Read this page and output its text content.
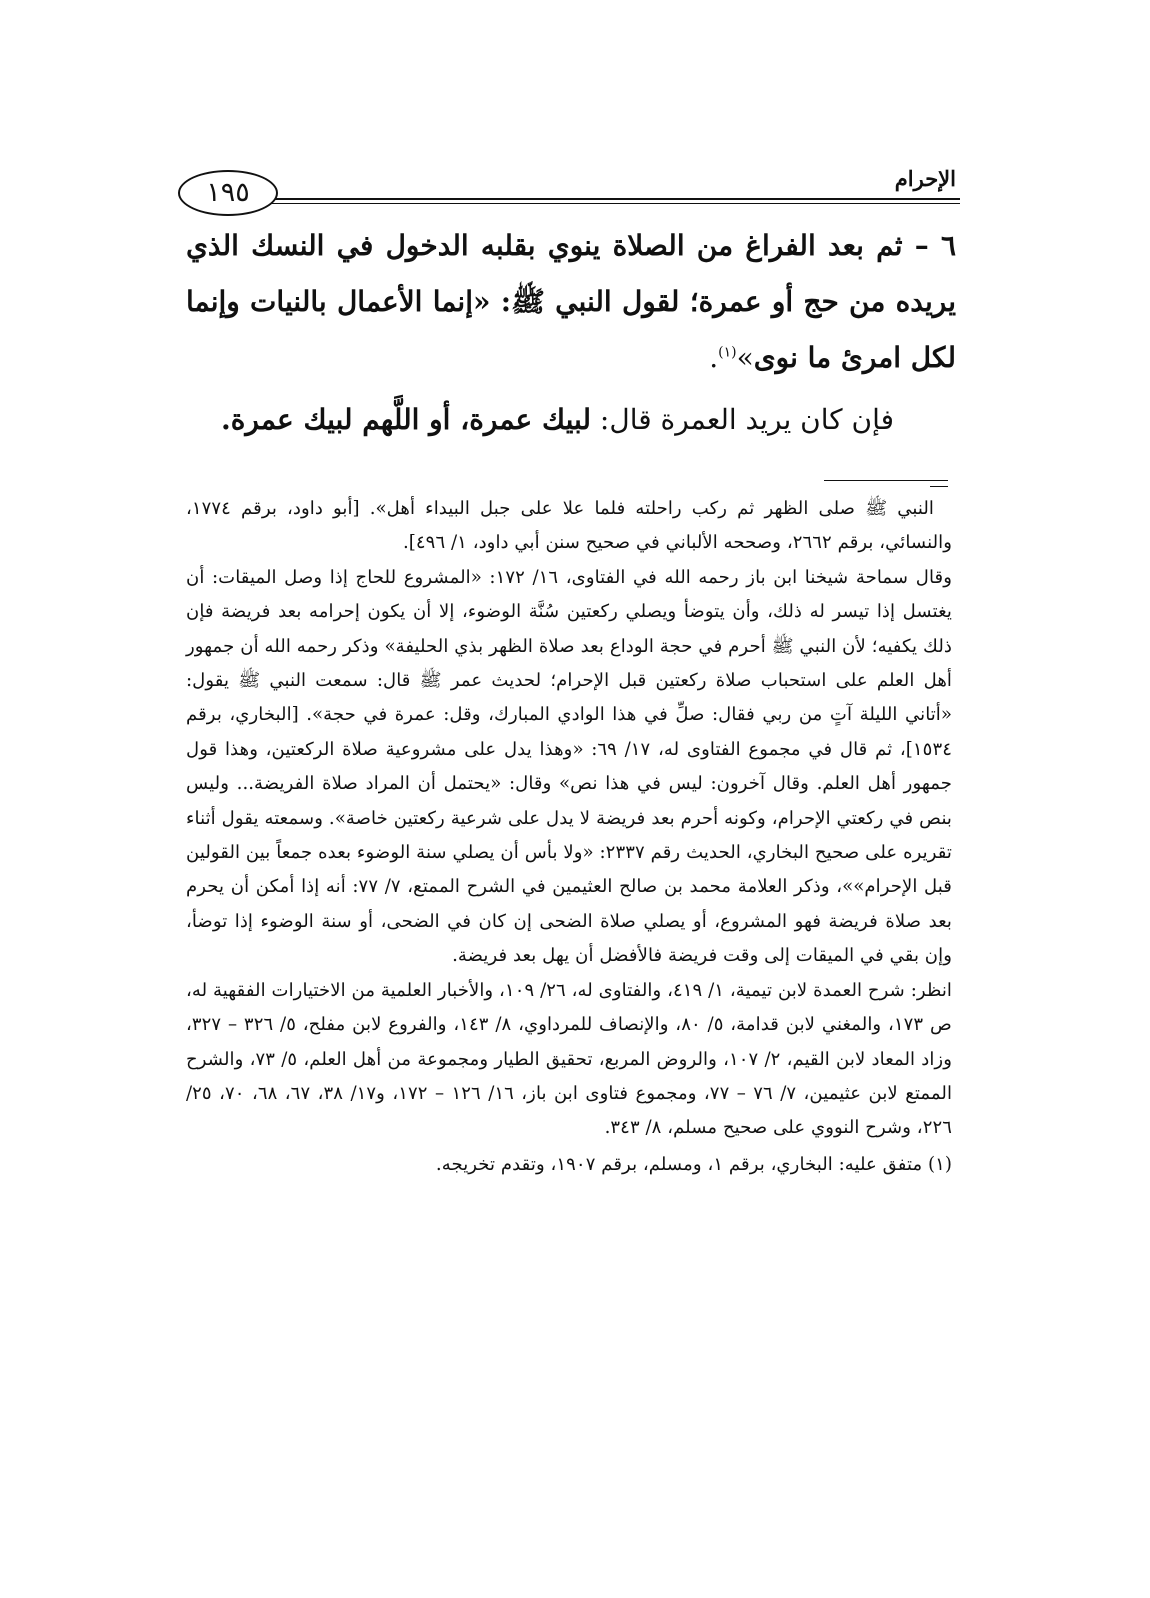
الإحرام
١٩٥

٦ – ثم بعد الفراغ من الصلاة ينوي بقلبه الدخول في النسك الذي يريده من حج أو عمرة؛ لقول النبي ﷺ: «إنما الأعمال بالنيات وإنما لكل امرئ ما نوى»$^{(١)}$.

فإن كان يريد العمرة قال: لبيك عمرة، أو اللَّهم لبيك عمرة.

النبي ﷺ صلى الظهر ثم ركب راحلته فلما علا على جبل البيداء أهل». [أبو داود، برقم ١٧٧٤، والنسائي، برقم ٢٦٦٢، وصححه الألباني في صحيح سنن أبي داود، ١/ ٤٩٦].

وقال سماحة شيخنا ابن باز رحمه الله في الفتاوى، ١٦/ ١٧٢: «المشروع للحاج إذا وصل الميقات: أن يغتسل إذا تيسر له ذلك، وأن يتوضأ ويصلي ركعتين سُنَّة الوضوء، إلا أن يكون إحرامه بعد فريضة فإن ذلك يكفيه؛ لأن النبي ﷺ أحرم في حجة الوداع بعد صلاة الظهر بذي الحليفة» وذكر رحمه الله أن جمهور أهل العلم على استحباب صلاة ركعتين قبل الإحرام؛ لحديث عمر ﷺ قال: سمعت النبي ﷺ يقول: «أتاني الليلة آتٍ من ربي فقال: صلِّ في هذا الوادي المبارك، وقل: عمرة في حجة». [البخاري، برقم ١٥٣٤]، ثم قال في مجموع الفتاوى له، ١٧/ ٦٩: «وهذا يدل على مشروعية صلاة الركعتين، وهذا قول جمهور أهل العلم. وقال آخرون: ليس في هذا نص» وقال: «يحتمل أن المراد صلاة الفريضة... وليس بنص في ركعتي الإحرام، وكونه أحرم بعد فريضة لا يدل على شرعية ركعتين خاصة». وسمعته يقول أثناء تقريره على صحيح البخاري، الحديث رقم ٢٣٣٧: «ولا بأس أن يصلي سنة الوضوء بعده جمعاً بين القولين قبل الإحرام»»، وذكر العلامة محمد بن صالح العثيمين في الشرح الممتع، ٧/ ٧٧: أنه إذا أمكن أن يحرم بعد صلاة فريضة فهو المشروع، أو يصلي صلاة الضحى إن كان في الضحى، أو سنة الوضوء إذا توضأ، وإن بقي في الميقات إلى وقت فريضة فالأفضل أن يهل بعد فريضة.

انظر: شرح العمدة لابن تيمية، ١/ ٤١٩، والفتاوى له، ٢٦/ ١٠٩، والأخبار العلمية من الاختيارات الفقهية له، ص ١٧٣، والمغني لابن قدامة، ٥/ ٨٠، والإنصاف للمرداوي، ٨/ ١٤٣، والفروع لابن مفلح، ٥/ ٣٢٦ – ٣٢٧، وزاد المعاد لابن القيم، ٢/ ١٠٧، والروض المربع، تحقيق الطيار ومجموعة من أهل العلم، ٥/ ٧٣، والشرح الممتع لابن عثيمين، ٧/ ٧٦ – ٧٧، ومجموع فتاوى ابن باز، ١٦/ ١٢٦ – ١٧٢، و١٧/ ٣٨، ٦٧، ٦٨، ٧٠، ٢٥/ ٢٢٦، وشرح النووي على صحيح مسلم، ٨/ ٣٤٣.

(١) متفق عليه: البخاري، برقم ١، ومسلم، برقم ١٩٠٧، وتقدم تخريجه.
